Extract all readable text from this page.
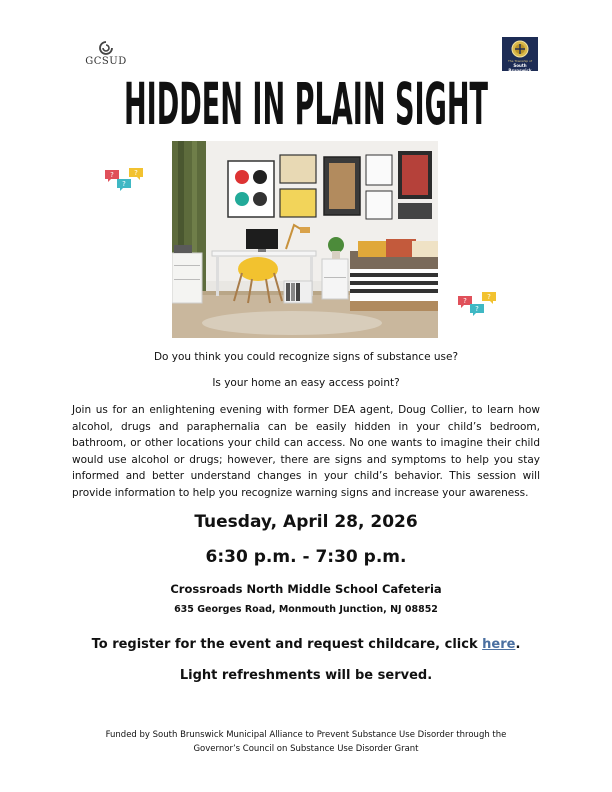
GCSUD	The Township of
South Brunswick
HIDDEN IN PLAIN SIGHT
?	?
?
?	?
?
Do you think you could recognize signs of substance use?
Is your home an easy access point?

Join us for an enlightening evening with former DEA agent, Doug Collier, to learn how alcohol, drugs and paraphernalia can be easily hidden in your child’s bedroom, bathroom, or other locations your child can access. No one wants to imagine their child would use alcohol or drugs; however, there are signs and symptoms to help you stay informed and better understand changes in your child’s behavior. This session will provide information to help you recognize warning signs and increase your awareness.

Tuesday, April 28, 2026
6:30 p.m. - 7:30 p.m.
Crossroads North Middle School Cafeteria
635 Georges Road, Monmouth Junction, NJ 08852
To register for the event and request childcare, click here.
Light refreshments will be served.
Funded by South Brunswick Municipal Alliance to Prevent Substance Use Disorder through the Governor’s Council on Substance Use Disorder Grant
